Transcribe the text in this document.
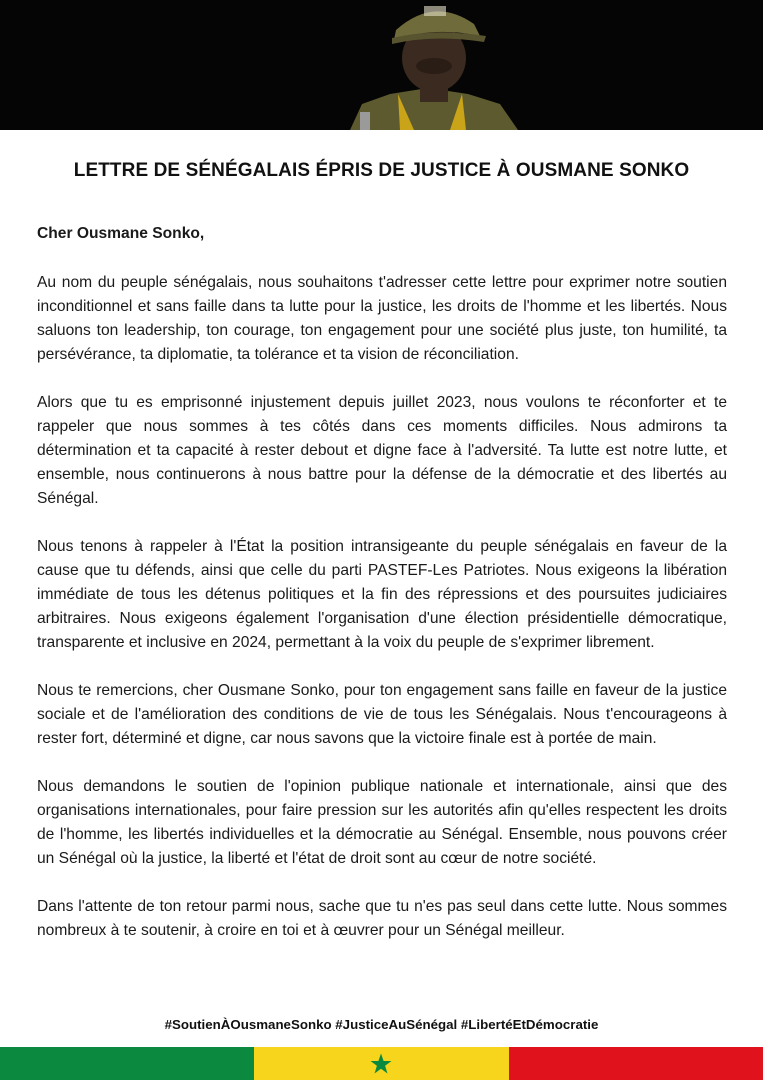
LETTRE DE SÉNÉGALAIS ÉPRIS DE JUSTICE À OUSMANE SONKO

Cher Ousmane Sonko,

Au nom du peuple sénégalais, nous souhaitons t'adresser cette lettre pour exprimer notre soutien inconditionnel et sans faille dans ta lutte pour la justice, les droits de l'homme et les libertés. Nous saluons ton leadership, ton courage, ton engagement pour une société plus juste, ton humilité, ta persévérance, ta diplomatie, ta tolérance et ta vision de réconciliation.

Alors que tu es emprisonné injustement depuis juillet 2023, nous voulons te réconforter et te rappeler que nous sommes à tes côtés dans ces moments difficiles. Nous admirons ta détermination et ta capacité à rester debout et digne face à l'adversité. Ta lutte est notre lutte, et ensemble, nous continuerons à nous battre pour la défense de la démocratie et des libertés au Sénégal.

Nous tenons à rappeler à l'État la position intransigeante du peuple sénégalais en faveur de la cause que tu défends, ainsi que celle du parti PASTEF-Les Patriotes. Nous exigeons la libération immédiate de tous les détenus politiques et la fin des répressions et des poursuites judiciaires arbitraires. Nous exigeons également l'organisation d'une élection présidentielle démocratique, transparente et inclusive en 2024, permettant à la voix du peuple de s'exprimer librement.

Nous te remercions, cher Ousmane Sonko, pour ton engagement sans faille en faveur de la justice sociale et de l'amélioration des conditions de vie de tous les Sénégalais. Nous t'encourageons à rester fort, déterminé et digne, car nous savons que la victoire finale est à portée de main.

Nous demandons le soutien de l'opinion publique nationale et internationale, ainsi que des organisations internationales, pour faire pression sur les autorités afin qu'elles respectent les droits de l'homme, les libertés individuelles et la démocratie au Sénégal. Ensemble, nous pouvons créer un Sénégal où la justice, la liberté et l'état de droit sont au cœur de notre société.

Dans l'attente de ton retour parmi nous, sache que tu n'es pas seul dans cette lutte. Nous sommes nombreux à te soutenir, à croire en toi et à œuvrer pour un Sénégal meilleur.

#SoutienÀOusmaneSonko #JusticeAuSénégal #LibertéEtDémocratie
